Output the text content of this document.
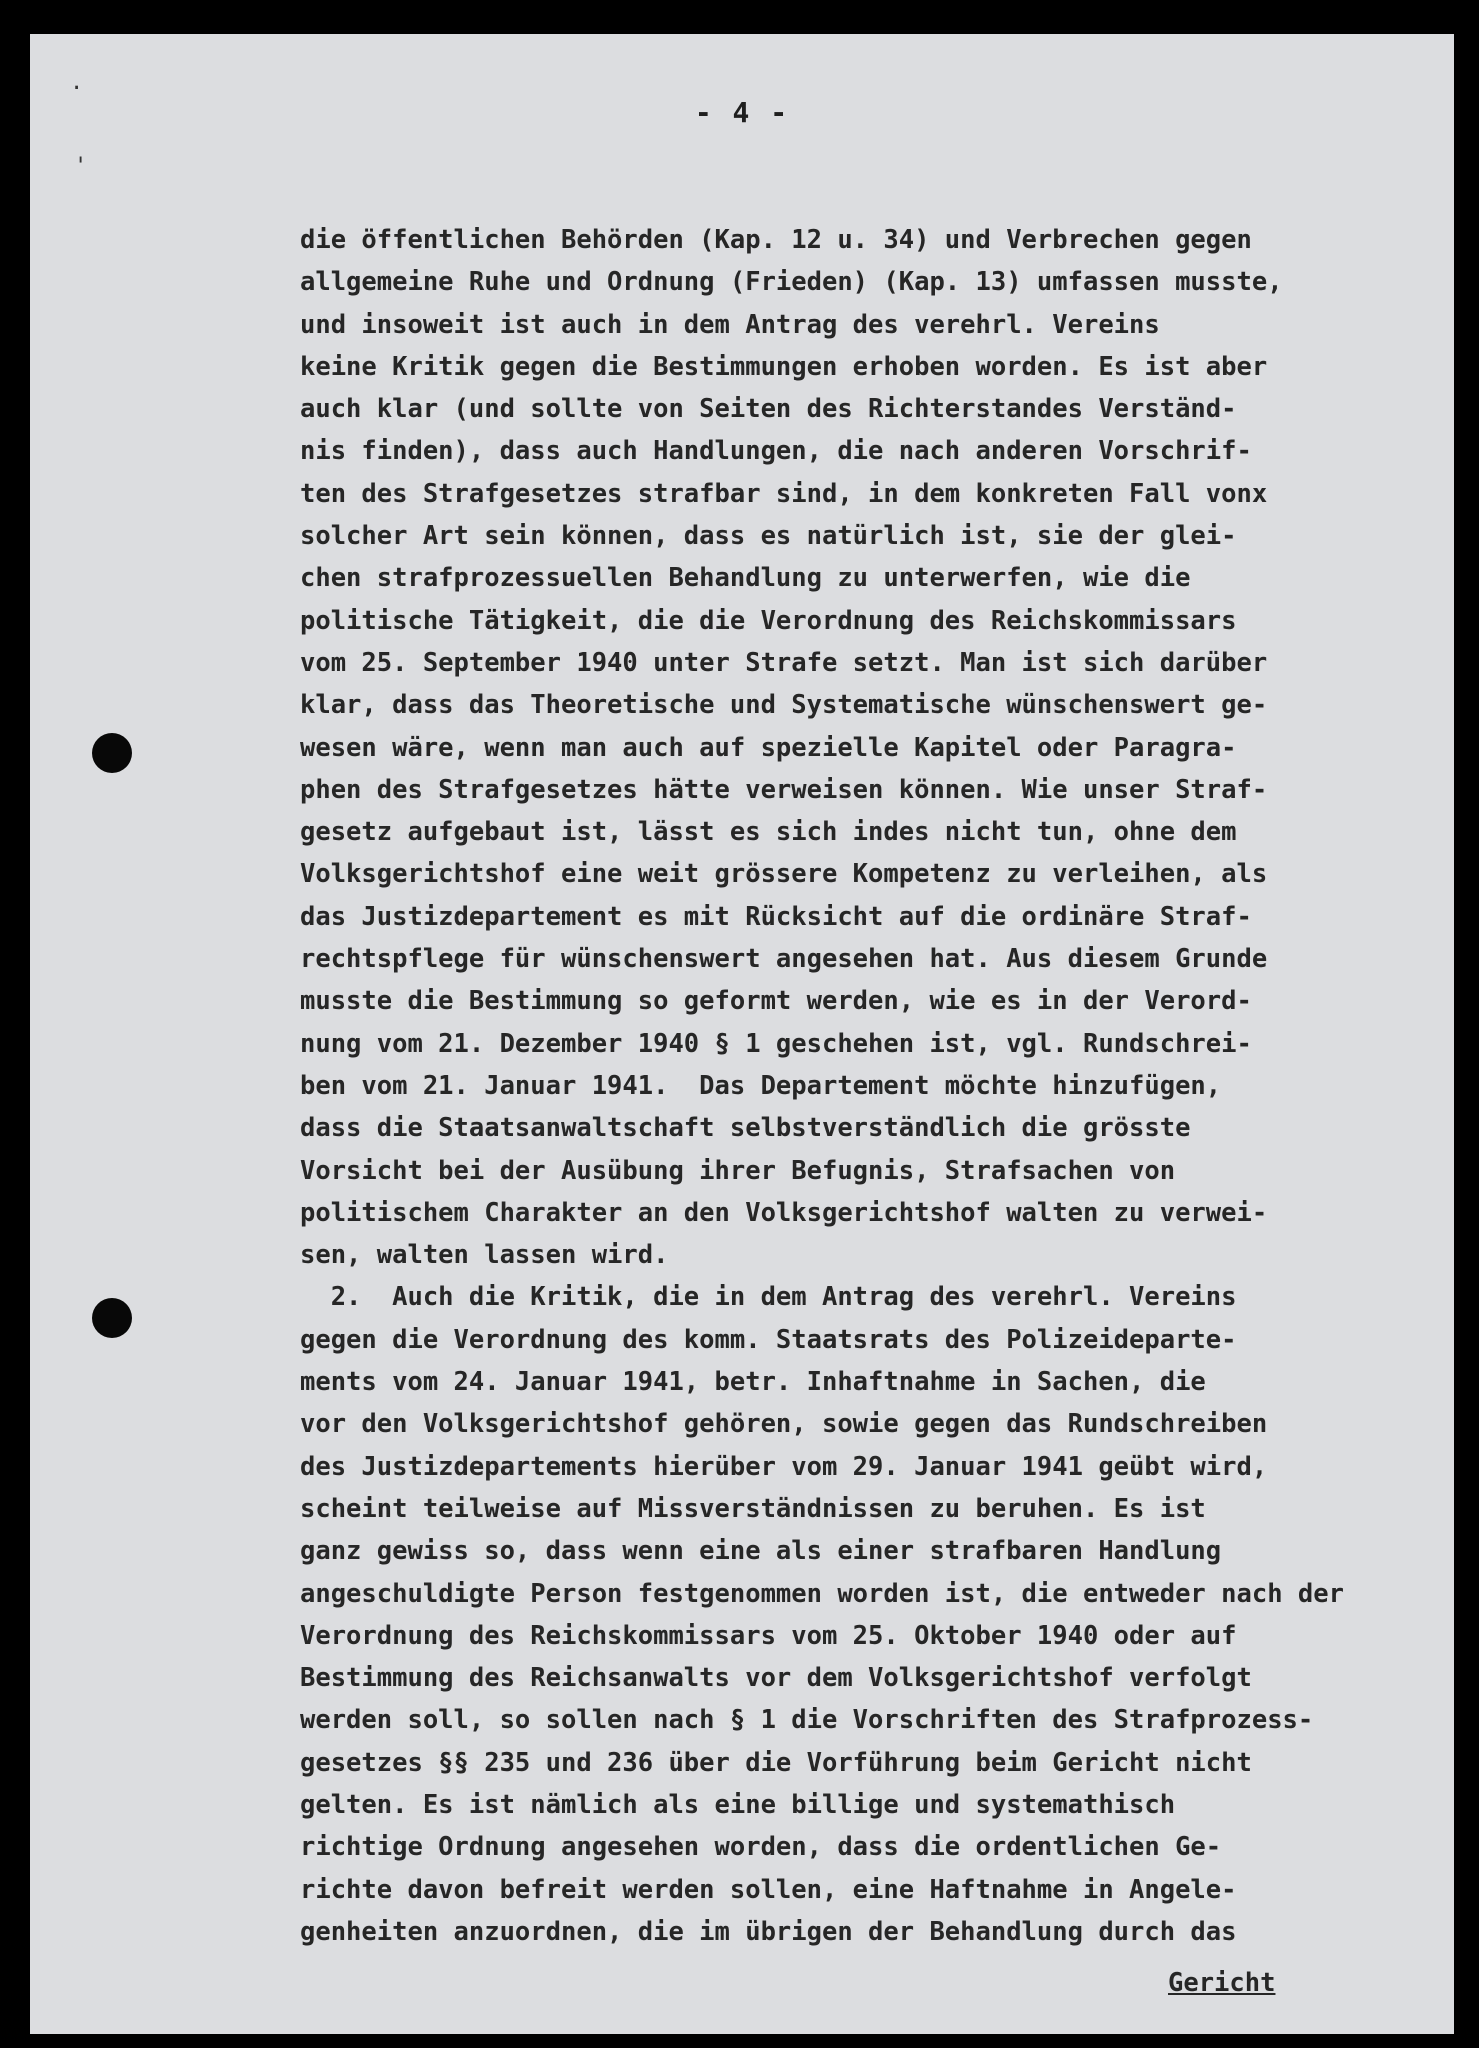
·
'
- 4 -
die öffentlichen Behörden (Kap. 12 u. 34) und Verbrechen gegen
allgemeine Ruhe und Ordnung (Frieden) (Kap. 13) umfassen musste,
und insoweit ist auch in dem Antrag des verehrl. Vereins
keine Kritik gegen die Bestimmungen erhoben worden. Es ist aber
auch klar (und sollte von Seiten des Richterstandes Verständ-
nis finden), dass auch Handlungen, die nach anderen Vorschrif-
ten des Strafgesetzes strafbar sind, in dem konkreten Fall vonx
solcher Art sein können, dass es natürlich ist, sie der glei-
chen strafprozessuellen Behandlung zu unterwerfen, wie die
politische Tätigkeit, die die Verordnung des Reichskommissars
vom 25. September 1940 unter Strafe setzt. Man ist sich darüber
klar, dass das Theoretische und Systematische wünschenswert ge-
wesen wäre, wenn man auch auf spezielle Kapitel oder Paragra-
phen des Strafgesetzes hätte verweisen können. Wie unser Straf-
gesetz aufgebaut ist, lässt es sich indes nicht tun, ohne dem
Volksgerichtshof eine weit grössere Kompetenz zu verleihen, als
das Justizdepartement es mit Rücksicht auf die ordinäre Straf-
rechtspflege für wünschenswert angesehen hat. Aus diesem Grunde
musste die Bestimmung so geformt werden, wie es in der Verord-
nung vom 21. Dezember 1940 § 1 geschehen ist, vgl. Rundschrei-
ben vom 21. Januar 1941.  Das Departement möchte hinzufügen,
dass die Staatsanwaltschaft selbstverständlich die grösste
Vorsicht bei der Ausübung ihrer Befugnis, Strafsachen von
politischem Charakter an den Volksgerichtshof walten zu verwei-
sen, walten lassen wird.
2.  Auch die Kritik, die in dem Antrag des verehrl. Vereins
gegen die Verordnung des komm. Staatsrats des Polizeideparte-
ments vom 24. Januar 1941, betr. Inhaftnahme in Sachen, die
vor den Volksgerichtshof gehören, sowie gegen das Rundschreiben
des Justizdepartements hierüber vom 29. Januar 1941 geübt wird,
scheint teilweise auf Missverständnissen zu beruhen. Es ist
ganz gewiss so, dass wenn eine als einer strafbaren Handlung
angeschuldigte Person festgenommen worden ist, die entweder nach der
Verordnung des Reichskommissars vom 25. Oktober 1940 oder auf
Bestimmung des Reichsanwalts vor dem Volksgerichtshof verfolgt
werden soll, so sollen nach § 1 die Vorschriften des Strafprozess-
gesetzes §§ 235 und 236 über die Vorführung beim Gericht nicht
gelten. Es ist nämlich als eine billige und systemathisch
richtige Ordnung angesehen worden, dass die ordentlichen Ge-
richte davon befreit werden sollen, eine Haftnahme in Angele-
genheiten anzuordnen, die im übrigen der Behandlung durch das
Gericht
